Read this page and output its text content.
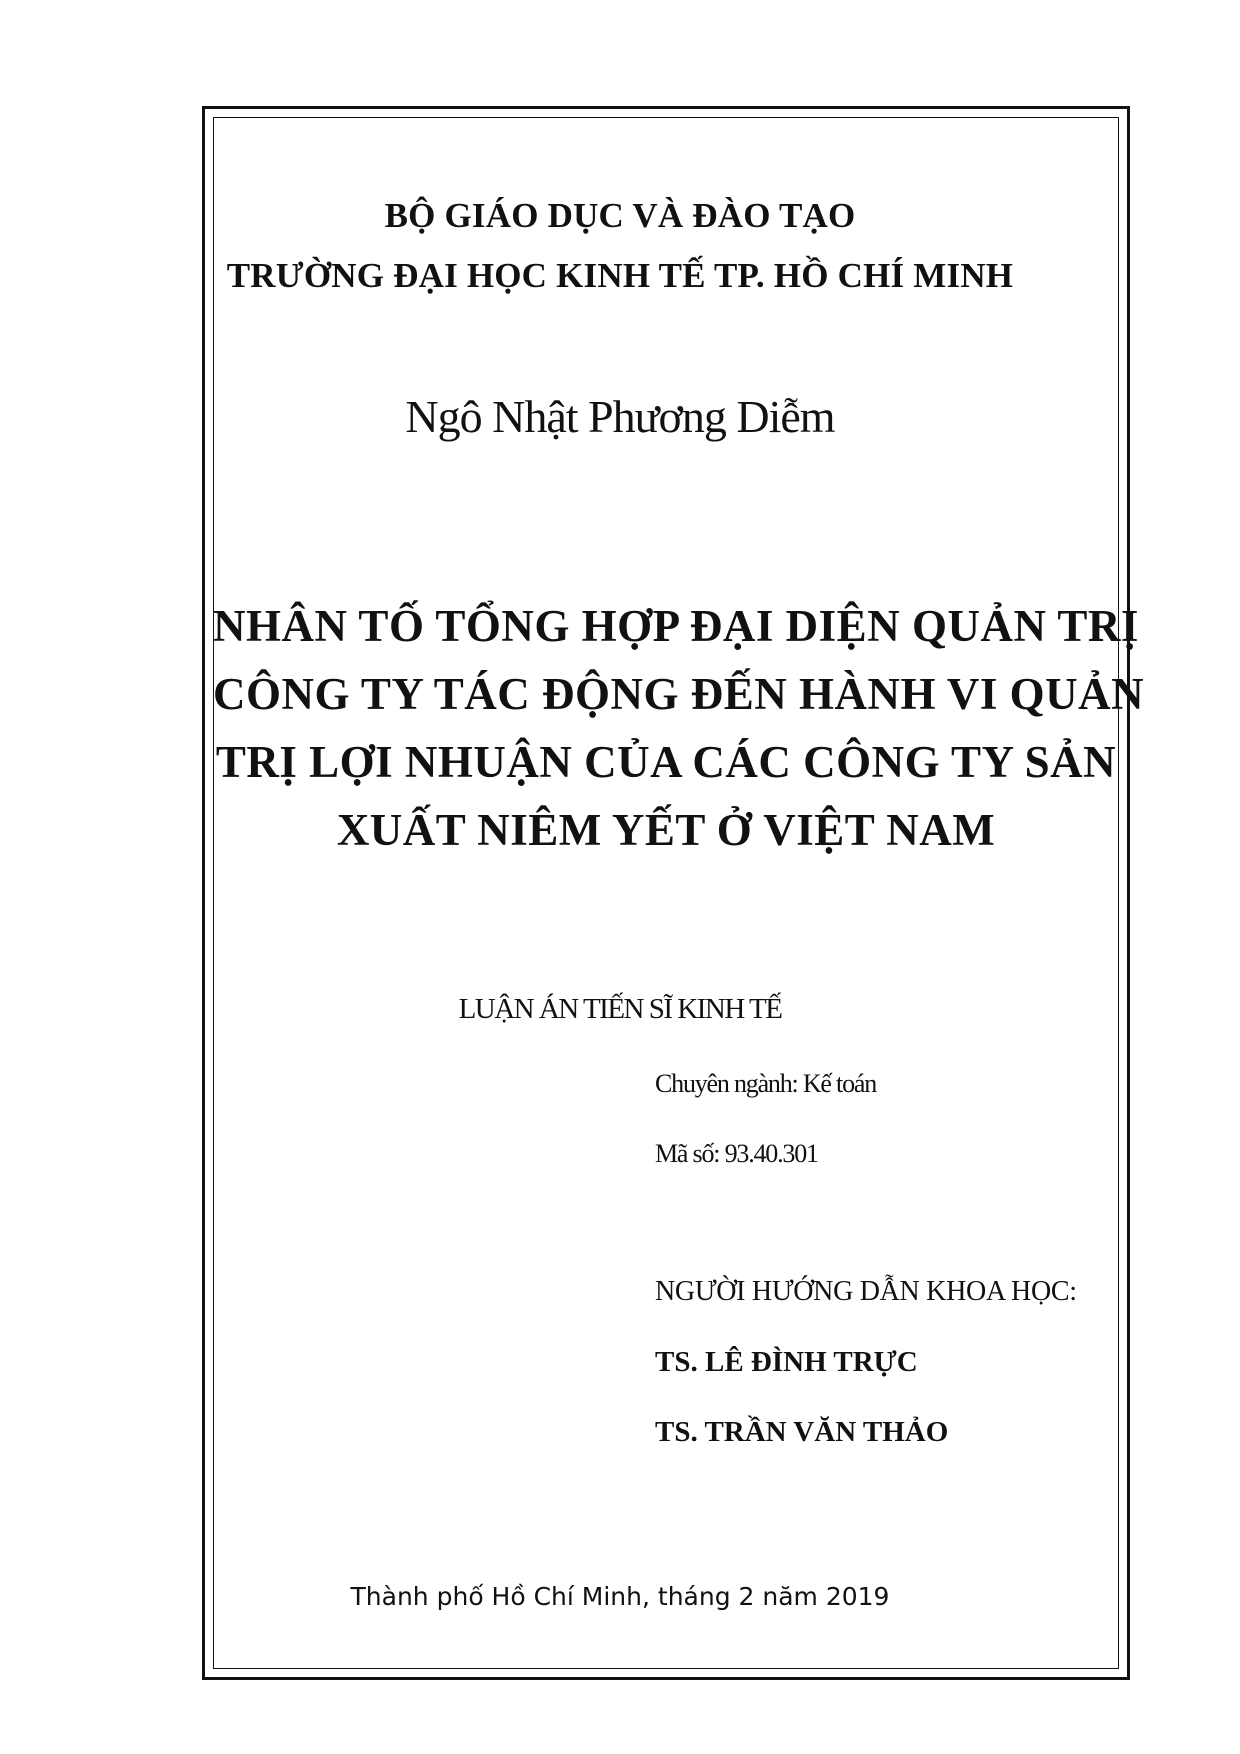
BỘ GIÁO DỤC VÀ ĐÀO TẠO
TRƯỜNG ĐẠI HỌC KINH TẾ TP. HỒ CHÍ MINH
Ngô Nhật Phương Diễm
NHÂN TỐ TỔNG HỢP ĐẠI DIỆN QUẢN TRỊ
CÔNG TY TÁC ĐỘNG ĐẾN HÀNH VI QUẢN
TRỊ LỢI NHUẬN CỦA CÁC CÔNG TY SẢN
XUẤT NIÊM YẾT Ở VIỆT NAM
LUẬN ÁN TIẾN SĨ KINH TẾ
Chuyên ngành: Kế toán
Mã số: 93.40.301
NGƯỜI HƯỚNG DẪN KHOA HỌC:
TS. LÊ ĐÌNH TRỰC
TS. TRẦN VĂN THẢO
Thành phố Hồ Chí Minh, tháng 2 năm 2019
